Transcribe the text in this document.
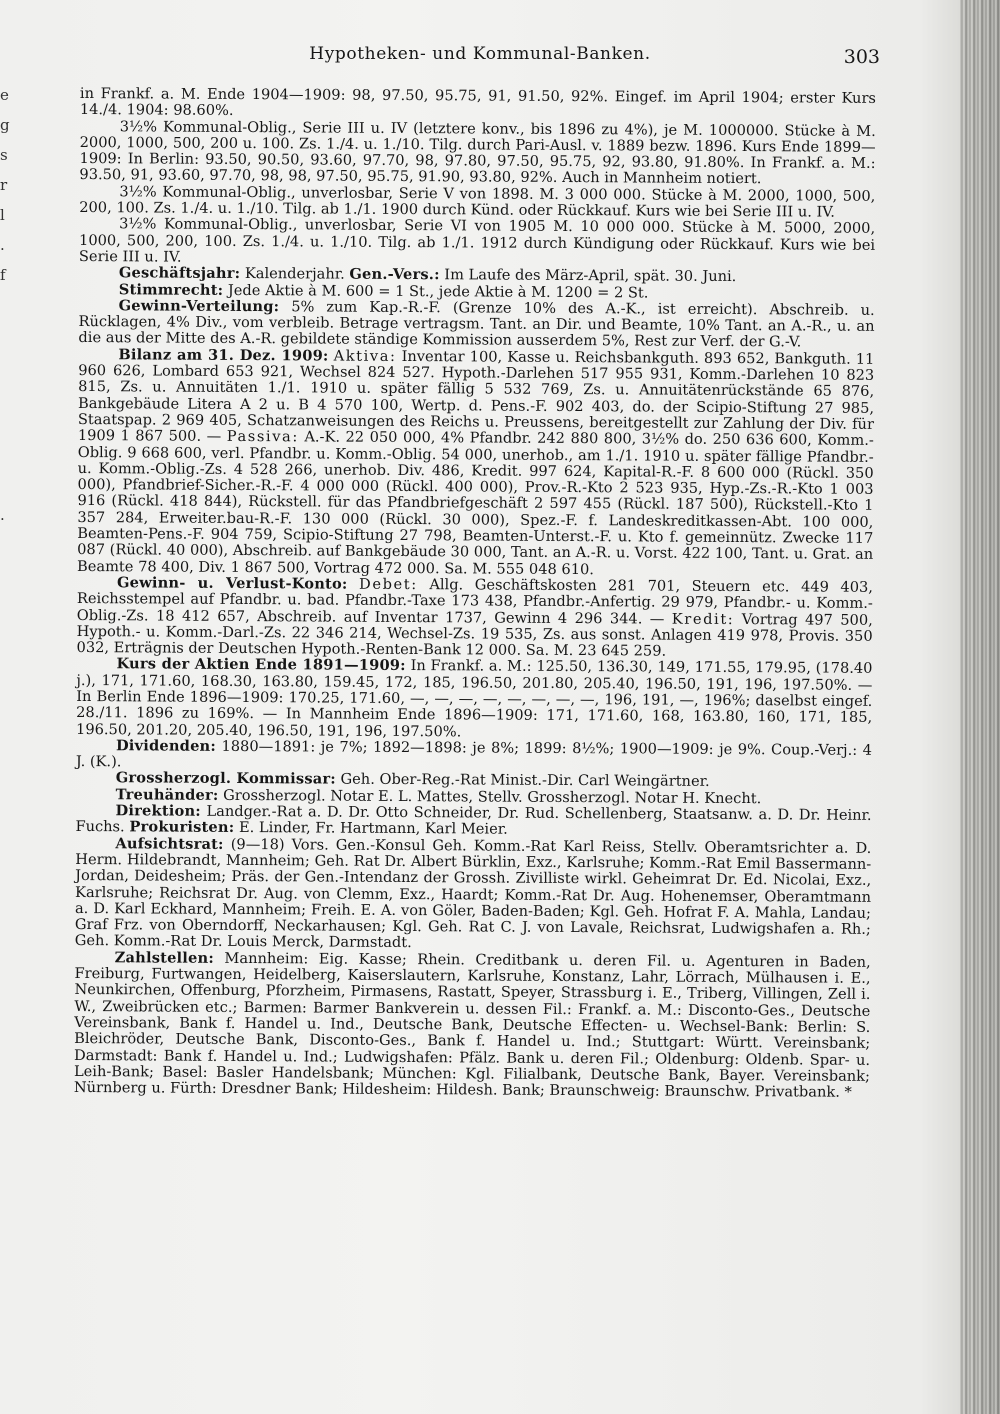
e
g
s
r
l
.
f
.
Hypotheken- und Kommunal-Banken.	303

in Frankf. a. M. Ende 1904—1909: 98, 97.50, 95.75, 91, 91.50, 92%. Eingef. im April 1904; erster Kurs 14./4. 1904: 98.60%.

3½% Kommunal-Oblig., Serie III u. IV (letztere konv., bis 1896 zu 4%), je M. 1000000. Stücke à M. 2000, 1000, 500, 200 u. 100. Zs. 1./4. u. 1./10. Tilg. durch Pari-Ausl. v. 1889 bezw. 1896. Kurs Ende 1899—1909: In Berlin: 93.50, 90.50, 93.60, 97.70, 98, 97.80, 97.50, 95.75, 92, 93.80, 91.80%. In Frankf. a. M.: 93.50, 91, 93.60, 97.70, 98, 98, 97.50, 95.75, 91.90, 93.80, 92%. Auch in Mannheim notiert.

3½% Kommunal-Oblig., unverlosbar, Serie V von 1898. M. 3 000 000. Stücke à M. 2000, 1000, 500, 200, 100. Zs. 1./4. u. 1./10. Tilg. ab 1./1. 1900 durch Künd. oder Rückkauf. Kurs wie bei Serie III u. IV.

3½% Kommunal-Oblig., unverlosbar, Serie VI von 1905 M. 10 000 000. Stücke à M. 5000, 2000, 1000, 500, 200, 100. Zs. 1./4. u. 1./10. Tilg. ab 1./1. 1912 durch Kündigung oder Rückkauf. Kurs wie bei Serie III u. IV.

Geschäftsjahr: Kalenderjahr. Gen.-Vers.: Im Laufe des März-April, spät. 30. Juni.

Stimmrecht: Jede Aktie à M. 600 = 1 St., jede Aktie à M. 1200 = 2 St.

Gewinn-Verteilung: 5% zum Kap.-R.-F. (Grenze 10% des A.-K., ist erreicht). Abschreib. u. Rücklagen, 4% Div., vom verbleib. Betrage vertragsm. Tant. an Dir. und Beamte, 10% Tant. an A.-R., u. an die aus der Mitte des A.-R. gebildete ständige Kommission ausserdem 5%, Rest zur Verf. der G.-V.

Bilanz am 31. Dez. 1909: Aktiva: Inventar 100, Kasse u. Reichsbankguth. 893 652, Bankguth. 11 960 626, Lombard 653 921, Wechsel 824 527. Hypoth.-Darlehen 517 955 931, Komm.-Darlehen 10 823 815, Zs. u. Annuitäten 1./1. 1910 u. später fällig 5 532 769, Zs. u. Annuitätenrückstände 65 876, Bankgebäude Litera A 2 u. B 4 570 100, Wertp. d. Pens.-F. 902 403, do. der Scipio-Stiftung 27 985, Staatspap. 2 969 405, Schatzanweisungen des Reichs u. Preussens, bereitgestellt zur Zahlung der Div. für 1909 1 867 500. — Passiva: A.-K. 22 050 000, 4% Pfandbr. 242 880 800, 3½% do. 250 636 600, Komm.-Oblig. 9 668 600, verl. Pfandbr. u. Komm.-Oblig. 54 000, unerhob., am 1./1. 1910 u. später fällige Pfandbr.- u. Komm.-Oblig.-Zs. 4 528 266, unerhob. Div. 486, Kredit. 997 624, Kapital-R.-F. 8 600 000 (Rückl. 350 000), Pfandbrief-Sicher.-R.-F. 4 000 000 (Rückl. 400 000), Prov.-R.-Kto 2 523 935, Hyp.-Zs.-R.-Kto 1 003 916 (Rückl. 418 844), Rückstell. für das Pfandbriefgeschäft 2 597 455 (Rückl. 187 500), Rückstell.-Kto 1 357 284, Erweiter.bau-R.-F. 130 000 (Rückl. 30 000), Spez.-F. f. Landeskreditkassen-Abt. 100 000, Beamten-Pens.-F. 904 759, Scipio-Stiftung 27 798, Beamten-Unterst.-F. u. Kto f. gemeinnütz. Zwecke 117 087 (Rückl. 40 000), Abschreib. auf Bankgebäude 30 000, Tant. an A.-R. u. Vorst. 422 100, Tant. u. Grat. an Beamte 78 400, Div. 1 867 500, Vortrag 472 000. Sa. M. 555 048 610.

Gewinn- u. Verlust-Konto: Debet: Allg. Geschäftskosten 281 701, Steuern etc. 449 403, Reichsstempel auf Pfandbr. u. bad. Pfandbr.-Taxe 173 438, Pfandbr.-Anfertig. 29 979, Pfandbr.- u. Komm.-Oblig.-Zs. 18 412 657, Abschreib. auf Inventar 1737, Gewinn 4 296 344. — Kredit: Vortrag 497 500, Hypoth.- u. Komm.-Darl.-Zs. 22 346 214, Wechsel-Zs. 19 535, Zs. aus sonst. Anlagen 419 978, Provis. 350 032, Erträgnis der Deutschen Hypoth.-Renten-Bank 12 000. Sa. M. 23 645 259.

Kurs der Aktien Ende 1891—1909: In Frankf. a. M.: 125.50, 136.30, 149, 171.55, 179.95, (178.40 j.), 171, 171.60, 168.30, 163.80, 159.45, 172, 185, 196.50, 201.80, 205.40, 196.50, 191, 196, 197.50%. — In Berlin Ende 1896—1909: 170.25, 171.60, —, —, —, —, —, —, —, —, 196, 191, —, 196%; daselbst eingef. 28./11. 1896 zu 169%. — In Mannheim Ende 1896—1909: 171, 171.60, 168, 163.80, 160, 171, 185, 196.50, 201.20, 205.40, 196.50, 191, 196, 197.50%.

Dividenden: 1880—1891: je 7%; 1892—1898: je 8%; 1899: 8½%; 1900—1909: je 9%. Coup.-Verj.: 4 J. (K.).

Grossherzogl. Kommissar: Geh. Ober-Reg.-Rat Minist.-Dir. Carl Weingärtner.

Treuhänder: Grossherzogl. Notar E. L. Mattes, Stellv. Grossherzogl. Notar H. Knecht.

Direktion: Landger.-Rat a. D. Dr. Otto Schneider, Dr. Rud. Schellenberg, Staatsanw. a. D. Dr. Heinr. Fuchs. Prokuristen: E. Linder, Fr. Hartmann, Karl Meier.

Aufsichtsrat: (9—18) Vors. Gen.-Konsul Geh. Komm.-Rat Karl Reiss, Stellv. Oberamtsrichter a. D. Herm. Hildebrandt, Mannheim; Geh. Rat Dr. Albert Bürklin, Exz., Karlsruhe; Komm.-Rat Emil Bassermann-Jordan, Deidesheim; Präs. der Gen.-Intendanz der Grossh. Zivilliste wirkl. Geheimrat Dr. Ed. Nicolai, Exz., Karlsruhe; Reichsrat Dr. Aug. von Clemm, Exz., Haardt; Komm.-Rat Dr. Aug. Hohenemser, Oberamtmann a. D. Karl Eckhard, Mannheim; Freih. E. A. von Göler, Baden-Baden; Kgl. Geh. Hofrat F. A. Mahla, Landau; Graf Frz. von Oberndorff, Neckarhausen; Kgl. Geh. Rat C. J. von Lavale, Reichsrat, Ludwigshafen a. Rh.; Geh. Komm.-Rat Dr. Louis Merck, Darmstadt.

Zahlstellen: Mannheim: Eig. Kasse; Rhein. Creditbank u. deren Fil. u. Agenturen in Baden, Freiburg, Furtwangen, Heidelberg, Kaiserslautern, Karlsruhe, Konstanz, Lahr, Lörrach, Mülhausen i. E., Neunkirchen, Offenburg, Pforzheim, Pirmasens, Rastatt, Speyer, Strassburg i. E., Triberg, Villingen, Zell i. W., Zweibrücken etc.; Barmen: Barmer Bankverein u. dessen Fil.: Frankf. a. M.: Disconto-Ges., Deutsche Vereinsbank, Bank f. Handel u. Ind., Deutsche Bank, Deutsche Effecten- u. Wechsel-Bank: Berlin: S. Bleichröder, Deutsche Bank, Disconto-Ges., Bank f. Handel u. Ind.; Stuttgart: Württ. Vereinsbank; Darmstadt: Bank f. Handel u. Ind.; Ludwigshafen: Pfälz. Bank u. deren Fil.; Oldenburg: Oldenb. Spar- u. Leih-Bank; Basel: Basler Handelsbank; München: Kgl. Filialbank, Deutsche Bank, Bayer. Vereinsbank; Nürnberg u. Fürth: Dresdner Bank; Hildesheim: Hildesh. Bank; Braunschweig: Braunschw. Privatbank. *
